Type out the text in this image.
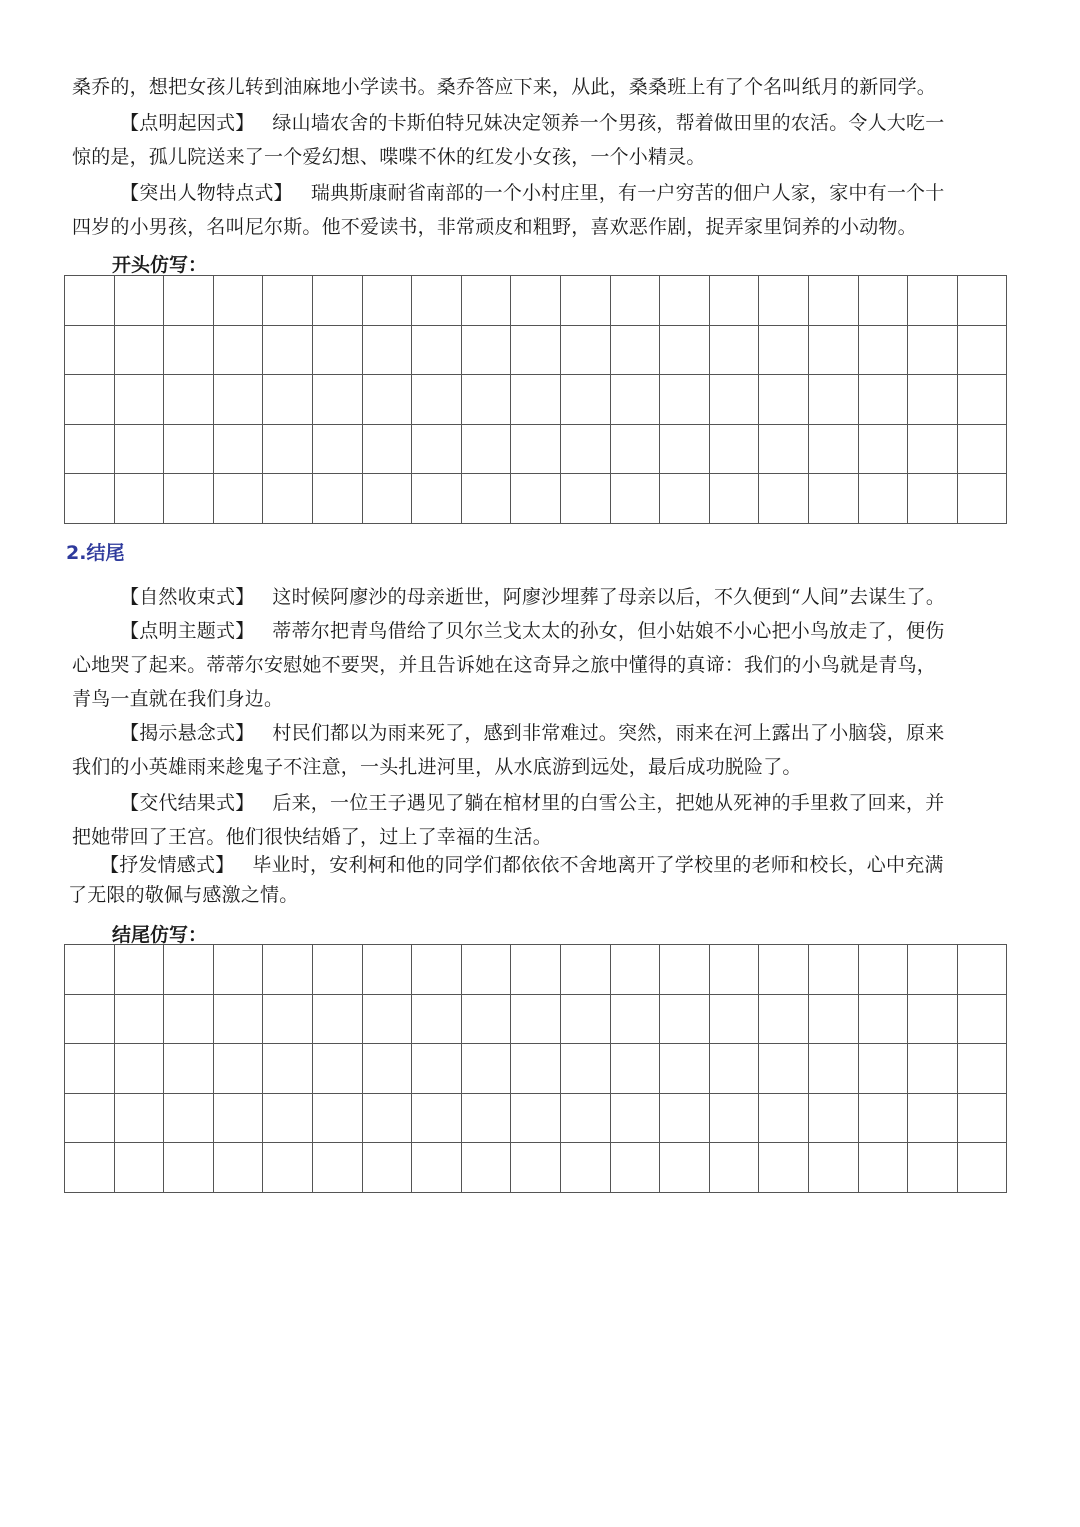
桑乔的，想把女孩儿转到油麻地小学读书。桑乔答应下来，从此，桑桑班上有了个名叫纸月的新同学。
【点明起因式】 绿山墙农舍的卡斯伯特兄妹决定领养一个男孩，帮着做田里的农活。令人大吃一
惊的是，孤儿院送来了一个爱幻想、喋喋不休的红发小女孩，一个小精灵。
【突出人物特点式】 瑞典斯康耐省南部的一个小村庄里，有一户穷苦的佃户人家，家中有一个十
四岁的小男孩，名叫尼尔斯。他不爱读书，非常顽皮和粗野，喜欢恶作剧，捉弄家里饲养的小动物。
开头仿写：

2.结尾
【自然收束式】 这时候阿廖沙的母亲逝世，阿廖沙埋葬了母亲以后，不久便到“人间”去谋生了。
【点明主题式】 蒂蒂尔把青鸟借给了贝尔兰戈太太的孙女，但小姑娘不小心把小鸟放走了，便伤
心地哭了起来。蒂蒂尔安慰她不要哭，并且告诉她在这奇异之旅中懂得的真谛：我们的小鸟就是青鸟，
青鸟一直就在我们身边。
【揭示悬念式】 村民们都以为雨来死了，感到非常难过。突然，雨来在河上露出了小脑袋，原来
我们的小英雄雨来趁鬼子不注意，一头扎进河里，从水底游到远处，最后成功脱险了。
【交代结果式】 后来，一位王子遇见了躺在棺材里的白雪公主，把她从死神的手里救了回来，并
把她带回了王宫。他们很快结婚了，过上了幸福的生活。
【抒发情感式】 毕业时，安利柯和他的同学们都依依不舍地离开了学校里的老师和校长，心中充满
了无限的敬佩与感激之情。
结尾仿写：
